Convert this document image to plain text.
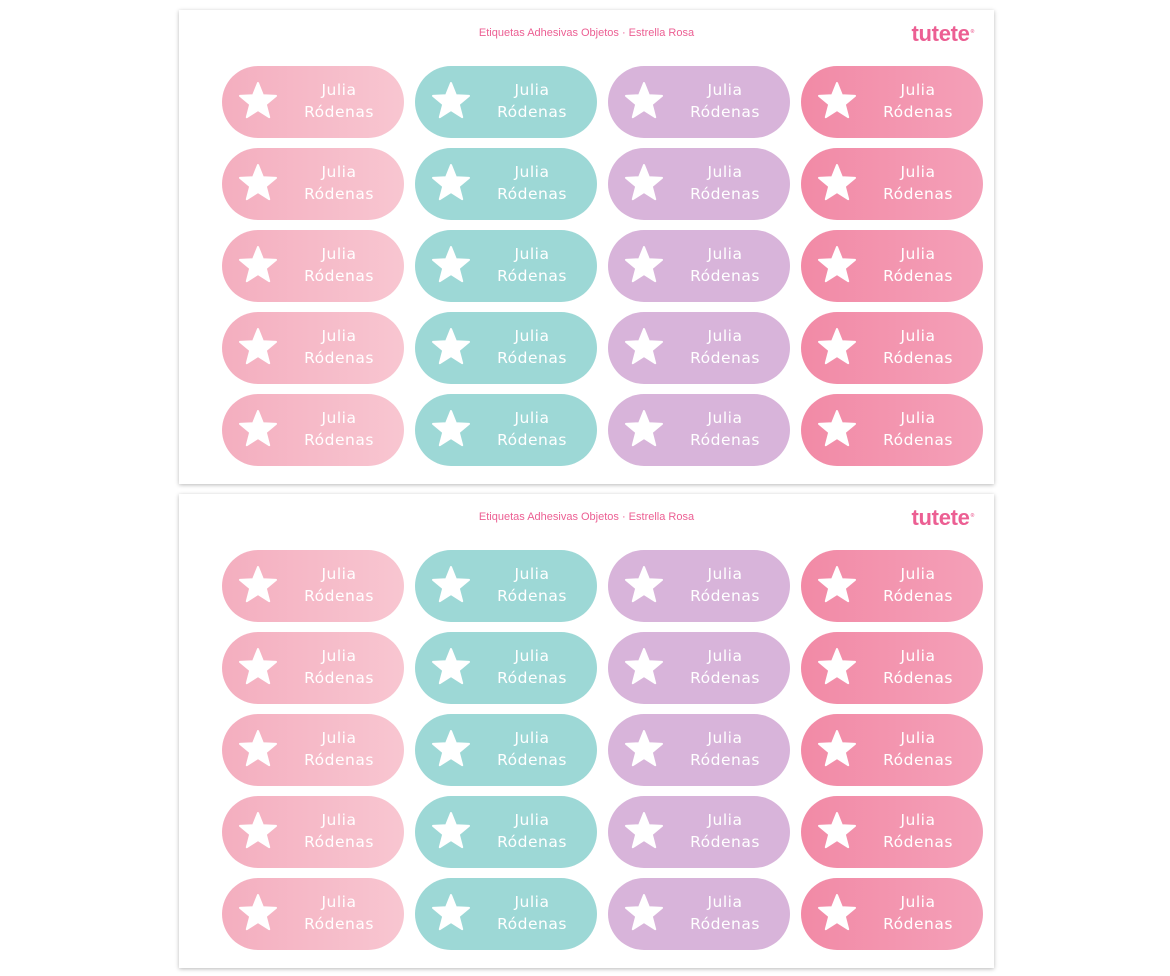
Etiquetas Adhesivas Objetos · Estrella Rosa	tutete®
Julia
Ródenas
Julia
Ródenas
Julia
Ródenas
Julia
Ródenas
Julia
Ródenas
Julia
Ródenas
Julia
Ródenas
Julia
Ródenas
Julia
Ródenas
Julia
Ródenas
Julia
Ródenas
Julia
Ródenas
Julia
Ródenas
Julia
Ródenas
Julia
Ródenas
Julia
Ródenas
Julia
Ródenas
Julia
Ródenas
Julia
Ródenas
Julia
Ródenas
Etiquetas Adhesivas Objetos · Estrella Rosa	tutete®
Julia
Ródenas
Julia
Ródenas
Julia
Ródenas
Julia
Ródenas
Julia
Ródenas
Julia
Ródenas
Julia
Ródenas
Julia
Ródenas
Julia
Ródenas
Julia
Ródenas
Julia
Ródenas
Julia
Ródenas
Julia
Ródenas
Julia
Ródenas
Julia
Ródenas
Julia
Ródenas
Julia
Ródenas
Julia
Ródenas
Julia
Ródenas
Julia
Ródenas
